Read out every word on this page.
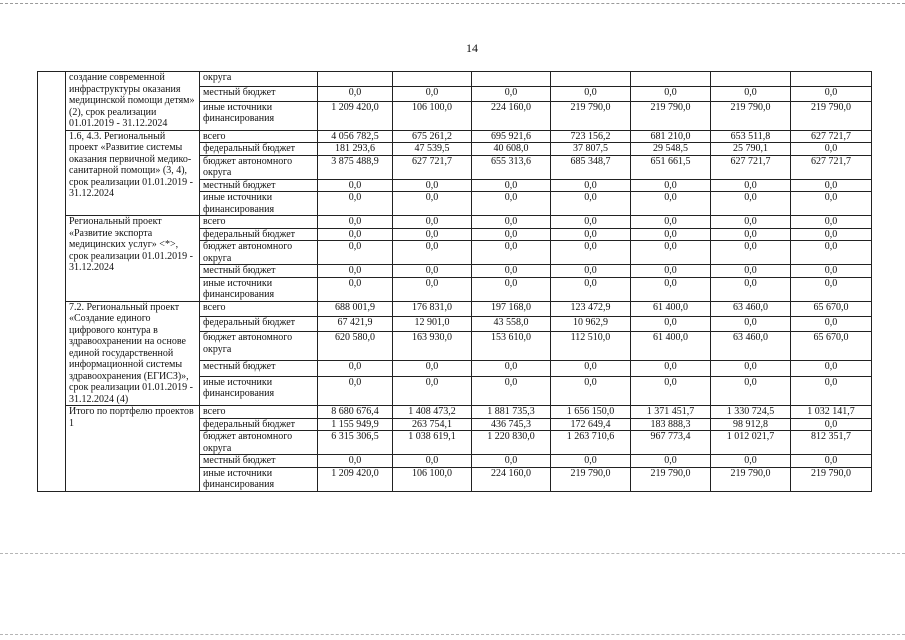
14
	создание современной инфраструктуры оказания медицинской помощи детям» (2), срок реализации 01.01.2019 - 31.12.2024	округа							
		местный бюджет	0,0	0,0	0,0	0,0	0,0	0,0	0,0
		иные источники финансирования	1 209 420,0	106 100,0	224 160,0	219 790,0	219 790,0	219 790,0	219 790,0
	1.6, 4.3. Региональный проект «Развитие системы оказания первичной медико-санитарной помощи» (3, 4), срок реализации 01.01.2019 - 31.12.2024	всего	4 056 782,5	675 261,2	695 921,6	723 156,2	681 210,0	653 511,8	627 721,7
		федеральный бюджет	181 293,6	47 539,5	40 608,0	37 807,5	29 548,5	25 790,1	0,0
		бюджет автономного округа	3 875 488,9	627 721,7	655 313,6	685 348,7	651 661,5	627 721,7	627 721,7
		местный бюджет	0,0	0,0	0,0	0,0	0,0	0,0	0,0
		иные источники финансирования	0,0	0,0	0,0	0,0	0,0	0,0	0,0
	Региональный проект «Развитие экспорта медицинских услуг» <*>, срок реализации 01.01.2019 - 31.12.2024	всего	0,0	0,0	0,0	0,0	0,0	0,0	0,0
		федеральный бюджет	0,0	0,0	0,0	0,0	0,0	0,0	0,0
		бюджет автономного округа	0,0	0,0	0,0	0,0	0,0	0,0	0,0
		местный бюджет	0,0	0,0	0,0	0,0	0,0	0,0	0,0
		иные источники финансирования	0,0	0,0	0,0	0,0	0,0	0,0	0,0
	7.2. Региональный проект «Создание единого цифрового контура в здравоохранении на основе единой государственной информационной системы здравоохранения (ЕГИСЗ)», срок реализации 01.01.2019 - 31.12.2024 (4)	всего	688 001,9	176 831,0	197 168,0	123 472,9	61 400,0	63 460,0	65 670,0
		федеральный бюджет	67 421,9	12 901,0	43 558,0	10 962,9	0,0	0,0	0,0
		бюджет автономного округа	620 580,0	163 930,0	153 610,0	112 510,0	61 400,0	63 460,0	65 670,0
		местный бюджет	0,0	0,0	0,0	0,0	0,0	0,0	0,0
		иные источники финансирования	0,0	0,0	0,0	0,0	0,0	0,0	0,0
	Итого по портфелю проектов 1	всего	8 680 676,4	1 408 473,2	1 881 735,3	1 656 150,0	1 371 451,7	1 330 724,5	1 032 141,7
		федеральный бюджет	1 155 949,9	263 754,1	436 745,3	172 649,4	183 888,3	98 912,8	0,0
		бюджет автономного округа	6 315 306,5	1 038 619,1	1 220 830,0	1 263 710,6	967 773,4	1 012 021,7	812 351,7
		местный бюджет	0,0	0,0	0,0	0,0	0,0	0,0	0,0
		иные источники финансирования	1 209 420,0	106 100,0	224 160,0	219 790,0	219 790,0	219 790,0	219 790,0
